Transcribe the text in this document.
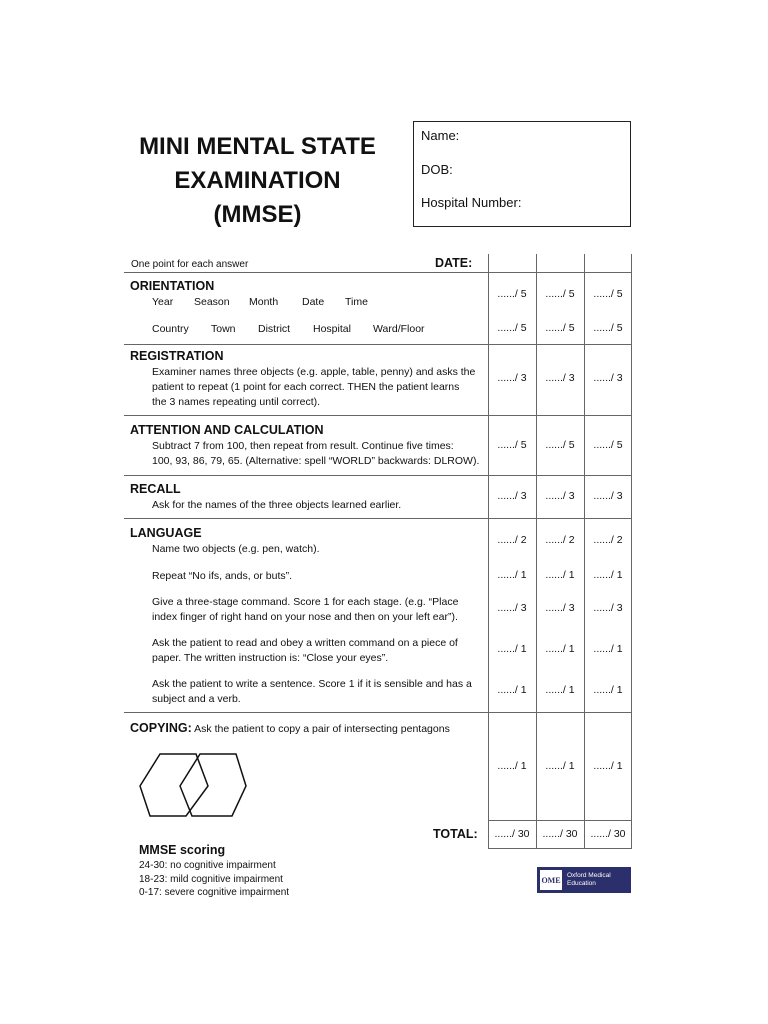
MINI MENTAL STATE
EXAMINATION
(MMSE)
Name:
DOB:
Hospital Number:
One point for each answer	DATE:
ORIENTATION
Year Season Month Date Time
Country Town District Hospital Ward/Floor
....../ 5	....../ 5	....../ 5
....../ 5	....../ 5	....../ 5
REGISTRATION
Examiner names three objects (e.g. apple, table, penny) and asks the
patient to repeat (1 point for each correct. THEN the patient learns
the 3 names repeating until correct).
....../ 3	....../ 3	....../ 3
ATTENTION AND CALCULATION
Subtract 7 from 100, then repeat from result. Continue five times:
100, 93, 86, 79, 65. (Alternative: spell “WORLD” backwards: DLROW).
....../ 5	....../ 5	....../ 5
RECALL
Ask for the names of the three objects learned earlier.
....../ 3	....../ 3	....../ 3
LANGUAGE
Name two objects (e.g. pen, watch).
....../ 2	....../ 2	....../ 2
Repeat “No ifs, ands, or buts”.	....../ 1	....../ 1	....../ 1
Give a three-stage command. Score 1 for each stage. (e.g. “Place
index finger of right hand on your nose and then on your left ear”).
....../ 3	....../ 3	....../ 3
Ask the patient to read and obey a written command on a piece of
paper. The written instruction is: “Close your eyes”.
....../ 1	....../ 1	....../ 1
Ask the patient to write a sentence. Score 1 if it is sensible and has a
subject and a verb.
....../ 1	....../ 1	....../ 1
COPYING: Ask the patient to copy a pair of intersecting pentagons
....../ 1	....../ 1	....../ 1
TOTAL:	....../ 30	....../ 30	....../ 30
MMSE scoring
24-30: no cognitive impairment
18-23: mild cognitive impairment
0-17: severe cognitive impairment
OME Oxford Medical
Education
